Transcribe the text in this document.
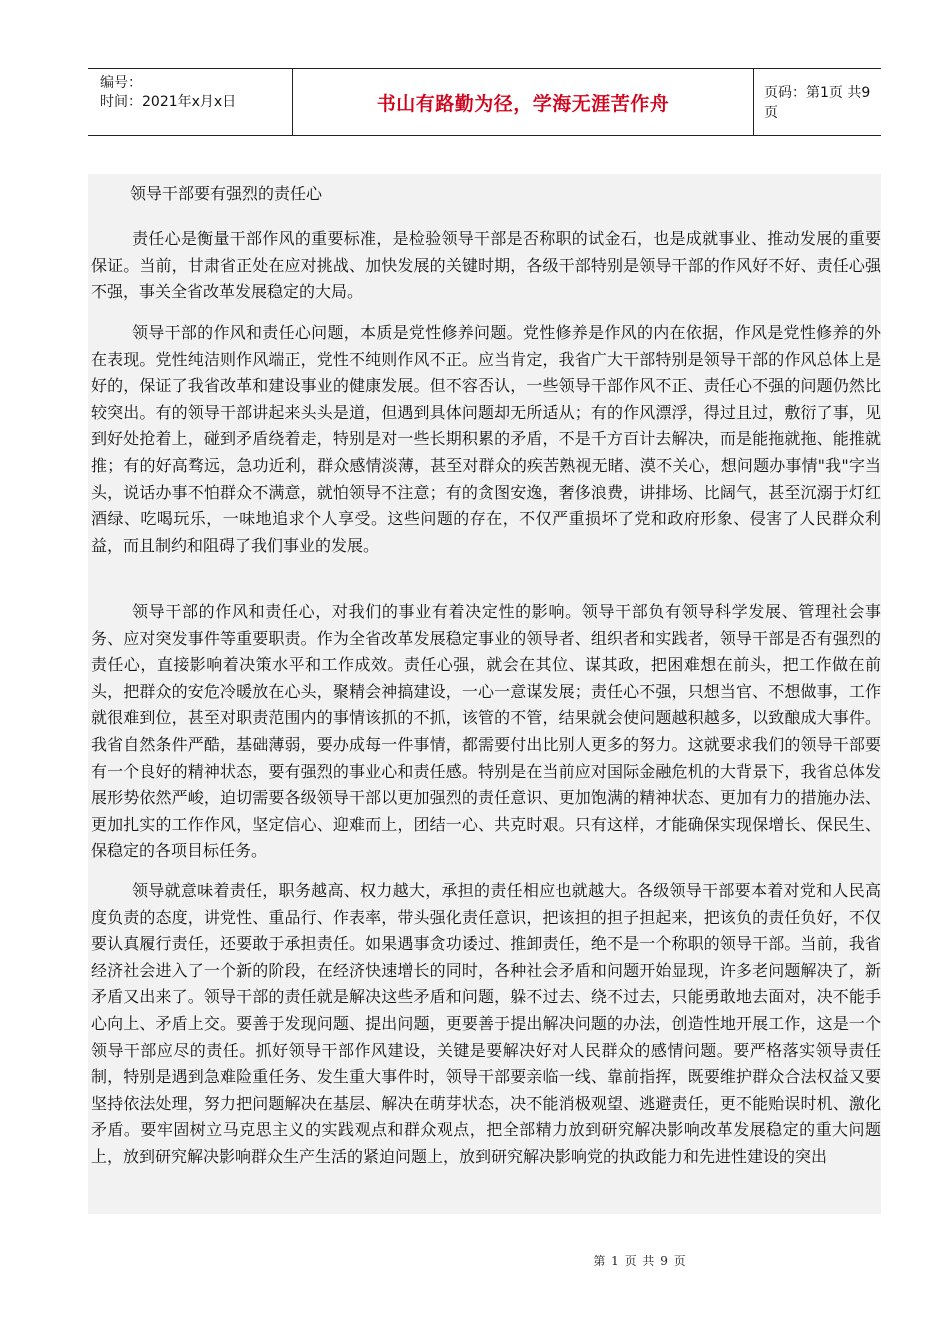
编号：
时间：2021年x月x日	书山有路勤为径，学海无涯苦作舟	页码：第1页 共9页
领导干部要有强烈的责任心

责任心是衡量干部作风的重要标准，是检验领导干部是否称职的试金石，也是成就事业、推动发展的重要保证。当前，甘肃省正处在应对挑战、加快发展的关键时期，各级干部特别是领导干部的作风好不好、责任心强不强，事关全省改革发展稳定的大局。

领导干部的作风和责任心问题，本质是党性修养问题。党性修养是作风的内在依据，作风是党性修养的外在表现。党性纯洁则作风端正，党性不纯则作风不正。应当肯定，我省广大干部特别是领导干部的作风总体上是好的，保证了我省改革和建设事业的健康发展。但不容否认，一些领导干部作风不正、责任心不强的问题仍然比较突出。有的领导干部讲起来头头是道，但遇到具体问题却无所适从；有的作风漂浮，得过且过，敷衍了事，见到好处抢着上，碰到矛盾绕着走，特别是对一些长期积累的矛盾，不是千方百计去解决，而是能拖就拖、能推就推；有的好高骛远，急功近利，群众感情淡薄，甚至对群众的疾苦熟视无睹、漠不关心，想问题办事情"我"字当头，说话办事不怕群众不满意，就怕领导不注意；有的贪图安逸，奢侈浪费，讲排场、比阔气，甚至沉溺于灯红酒绿、吃喝玩乐，一味地追求个人享受。这些问题的存在，不仅严重损坏了党和政府形象、侵害了人民群众利益，而且制约和阻碍了我们事业的发展。

领导干部的作风和责任心，对我们的事业有着决定性的影响。领导干部负有领导科学发展、管理社会事务、应对突发事件等重要职责。作为全省改革发展稳定事业的领导者、组织者和实践者，领导干部是否有强烈的责任心，直接影响着决策水平和工作成效。责任心强，就会在其位、谋其政，把困难想在前头，把工作做在前头，把群众的安危冷暖放在心头，聚精会神搞建设，一心一意谋发展；责任心不强，只想当官、不想做事，工作就很难到位，甚至对职责范围内的事情该抓的不抓，该管的不管，结果就会使问题越积越多，以致酿成大事件。我省自然条件严酷，基础薄弱，要办成每一件事情，都需要付出比别人更多的努力。这就要求我们的领导干部要有一个良好的精神状态，要有强烈的事业心和责任感。特别是在当前应对国际金融危机的大背景下，我省总体发展形势依然严峻，迫切需要各级领导干部以更加强烈的责任意识、更加饱满的精神状态、更加有力的措施办法、更加扎实的工作作风，坚定信心、迎难而上，团结一心、共克时艰。只有这样，才能确保实现保增长、保民生、保稳定的各项目标任务。

领导就意味着责任，职务越高、权力越大，承担的责任相应也就越大。各级领导干部要本着对党和人民高度负责的态度，讲党性、重品行、作表率，带头强化责任意识，把该担的担子担起来，把该负的责任负好，不仅要认真履行责任，还要敢于承担责任。如果遇事贪功诿过、推卸责任，绝不是一个称职的领导干部。当前，我省经济社会进入了一个新的阶段，在经济快速增长的同时，各种社会矛盾和问题开始显现，许多老问题解决了，新矛盾又出来了。领导干部的责任就是解决这些矛盾和问题，躲不过去、绕不过去，只能勇敢地去面对，决不能手心向上、矛盾上交。要善于发现问题、提出问题，更要善于提出解决问题的办法，创造性地开展工作，这是一个领导干部应尽的责任。抓好领导干部作风建设，关键是要解决好对人民群众的感情问题。要严格落实领导责任制，特别是遇到急难险重任务、发生重大事件时，领导干部要亲临一线、靠前指挥，既要维护群众合法权益又要坚持依法处理，努力把问题解决在基层、解决在萌芽状态，决不能消极观望、逃避责任，更不能贻误时机、激化矛盾。要牢固树立马克思主义的实践观点和群众观点，把全部精力放到研究解决影响改革发展稳定的重大问题上，放到研究解决影响群众生产生活的紧迫问题上，放到研究解决影响党的执政能力和先进性建设的突出

第 1 页 共 9 页
